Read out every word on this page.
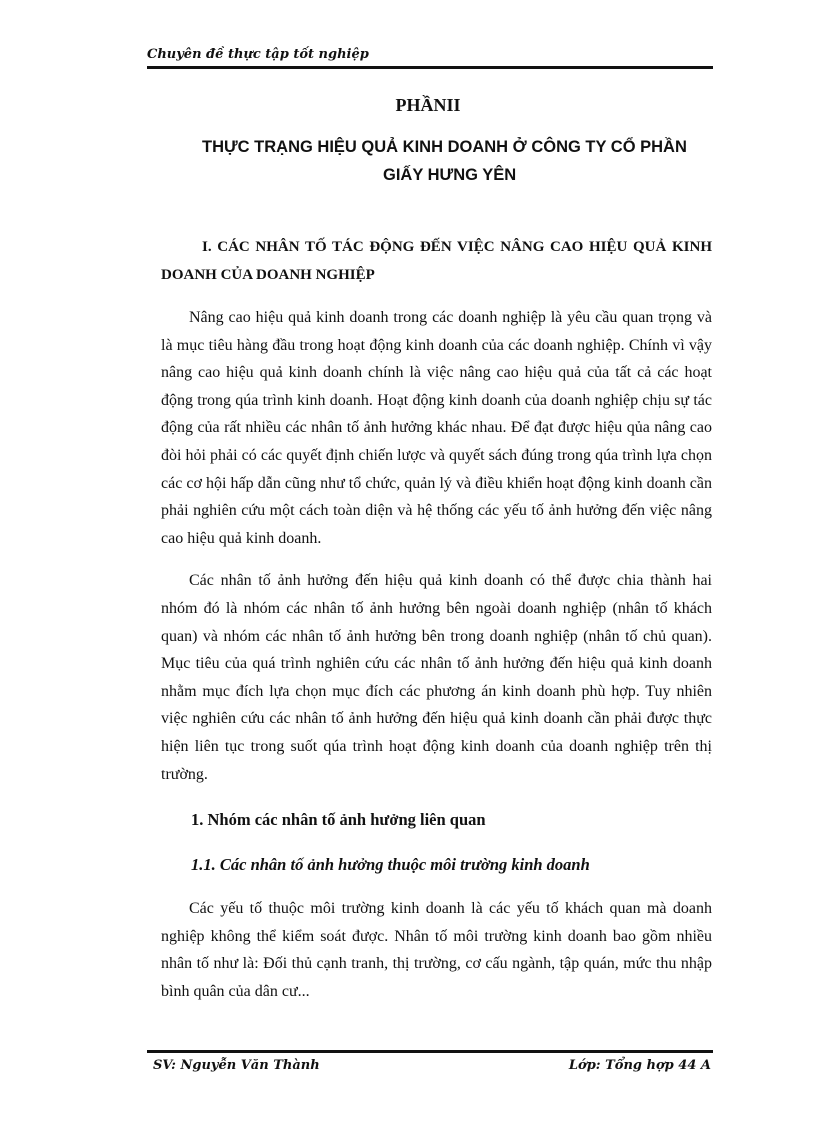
Chuyên đề thực tập tốt nghiệp
PHẦNII
THỰC TRẠNG HIỆU QUẢ KINH DOANH Ở CÔNG TY CỔ PHẦN
GIẤY HƯNG YÊN

I. CÁC NHÂN TỐ TÁC ĐỘNG ĐẾN VIỆC NÂNG CAO HIỆU QUẢ KINH DOANH CỦA DOANH NGHIỆP

Nâng cao hiệu quả kinh doanh trong các doanh nghiệp là yêu cầu quan trọng và là mục tiêu hàng đầu trong hoạt động kinh doanh của các doanh nghiệp. Chính vì vậy nâng cao hiệu quả kinh doanh chính là việc nâng cao hiệu quả của tất cả các hoạt động trong qúa trình kinh doanh. Hoạt động kinh doanh của doanh nghiệp chịu sự tác động của rất nhiều các nhân tố ảnh hưởng khác nhau. Để đạt được hiệu qủa nâng cao đòi hỏi phải có các quyết định chiến lược và quyết sách đúng trong qúa trình lựa chọn các cơ hội hấp dẫn cũng như tổ chức, quản lý và điều khiển hoạt động kinh doanh cần phải nghiên cứu một cách toàn diện và hệ thống các yếu tố ảnh hưởng đến việc nâng cao hiệu quả kinh doanh.

Các nhân tố ảnh hưởng đến hiệu quả kinh doanh có thể được chia thành hai nhóm đó là nhóm các nhân tố ảnh hưởng bên ngoài doanh nghiệp (nhân tố khách quan) và nhóm các nhân tố ảnh hưởng bên trong doanh nghiệp (nhân tố chủ quan). Mục tiêu của quá trình nghiên cứu các nhân tố ảnh hưởng đến hiệu quả kinh doanh nhằm mục đích lựa chọn mục đích các phương án kinh doanh phù hợp. Tuy nhiên việc nghiên cứu các nhân tố ảnh hưởng đến hiệu quả kinh doanh cần phải được thực hiện liên tục trong suốt qúa trình hoạt động kinh doanh của doanh nghiệp trên thị trường.

1. Nhóm các nhân tố ảnh hưởng liên quan

1.1. Các nhân tố ảnh hưởng thuộc môi trường kinh doanh

Các yếu tố thuộc môi trường kinh doanh là các yếu tố khách quan mà doanh nghiệp không thể kiểm soát được. Nhân tố môi trường kinh doanh bao gồm nhiều nhân tố như là: Đối thủ cạnh tranh, thị trường, cơ cấu ngành, tập quán, mức thu nhập bình quân của dân cư...

SV: Nguyễn Văn Thành	Lớp: Tổng hợp 44 A
